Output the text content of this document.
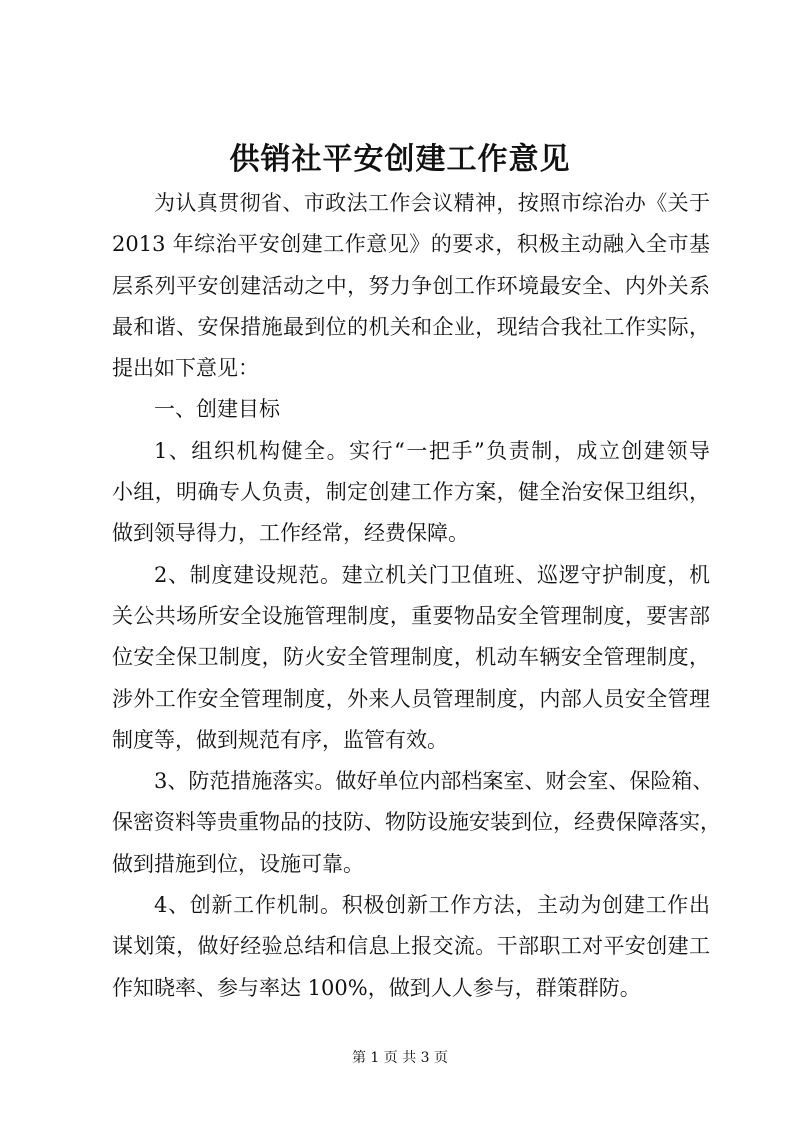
供销社平安创建工作意见
为认真贯彻省、市政法工作会议精神，按照市综治办《关于
2013 年综治平安创建工作意见》的要求，积极主动融入全市基
层系列平安创建活动之中，努力争创工作环境最安全、内外关系
最和谐、安保措施最到位的机关和企业，现结合我社工作实际，
提出如下意见：
一、创建目标
1、组织机构健全。实行“一把手”负责制，成立创建领导
小组，明确专人负责，制定创建工作方案，健全治安保卫组织，
做到领导得力，工作经常，经费保障。
2、制度建设规范。建立机关门卫值班、巡逻守护制度，机
关公共场所安全设施管理制度，重要物品安全管理制度，要害部
位安全保卫制度，防火安全管理制度，机动车辆安全管理制度，
涉外工作安全管理制度，外来人员管理制度，内部人员安全管理
制度等，做到规范有序，监管有效。
3、防范措施落实。做好单位内部档案室、财会室、保险箱、
保密资料等贵重物品的技防、物防设施安装到位，经费保障落实，
做到措施到位，设施可靠。
4、创新工作机制。积极创新工作方法，主动为创建工作出
谋划策，做好经验总结和信息上报交流。干部职工对平安创建工
作知晓率、参与率达 100%，做到人人参与，群策群防。
第 1 页 共 3 页
